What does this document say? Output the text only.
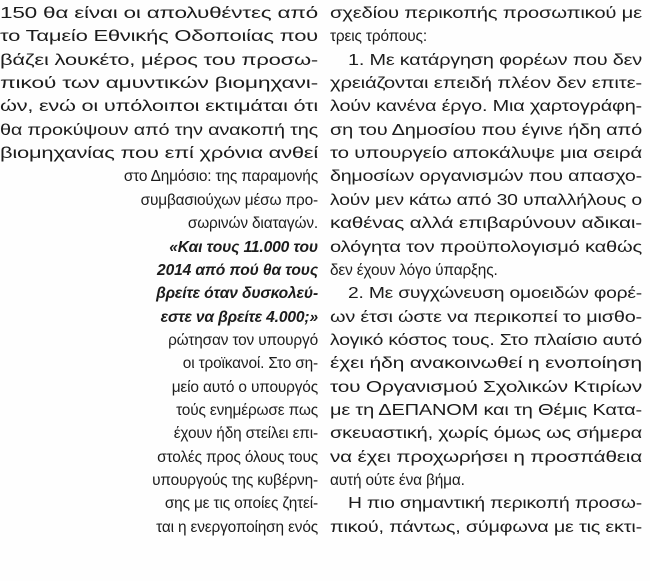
150 θα είναι οι απολυθέντες από
το Ταμείο Εθνικής Οδοποιίας που
βάζει λουκέτο, μέρος του προσω-
πικού των αμυντικών βιομηχανι-
ών, ενώ οι υπόλοιποι εκτιμάται ότι
θα προκύψουν από την ανακοπή της
βιομηχανίας που επί χρόνια ανθεί
στο Δημόσιο: της παραμονής
συμβασιούχων μέσω προ-
σωρινών διαταγών.
«Και τους 11.000 του
2014 από πού θα τους
βρείτε όταν δυσκολεύ-
εστε να βρείτε 4.000;»
ρώτησαν τον υπουργό
οι τροϊκανοί. Στο ση-
μείο αυτό ο υπουργός
τούς ενημέρωσε πως
έχουν ήδη στείλει επι-
στολές προς όλους τους
υπουργούς της κυβέρνη-
σης με τις οποίες ζητεί-
ται η ενεργοποίηση ενός
σχεδίου περικοπής προσωπικού με
τρεις τρόπους:
1. Με κατάργηση φορέων που δεν
χρειάζονται επειδή πλέον δεν επιτε-
λούν κανένα έργο. Μια χαρτογράφη-
ση του Δημοσίου που έγινε ήδη από
το υπουργείο αποκάλυψε μια σειρά
δημοσίων οργανισμών που απασχο-
λούν μεν κάτω από 30 υπαλλήλους ο
καθένας αλλά επιβαρύνουν αδικαι-
ολόγητα τον προϋπολογισμό καθώς
δεν έχουν λόγο ύπαρξης.
2. Με συγχώνευση ομοειδών φορέ-
ων έτσι ώστε να περικοπεί το μισθο-
λογικό κόστος τους. Στο πλαίσιο αυτό
έχει ήδη ανακοινωθεί η ενοποίηση
του Οργανισμού Σχολικών Κτιρίων
με τη ΔΕΠΑΝΟΜ και τη Θέμις Κατα-
σκευαστική, χωρίς όμως ως σήμερα
να έχει προχωρήσει η προσπάθεια
αυτή ούτε ένα βήμα.
Η πιο σημαντική περικοπή προσω-
πικού, πάντως, σύμφωνα με τις εκτι-
